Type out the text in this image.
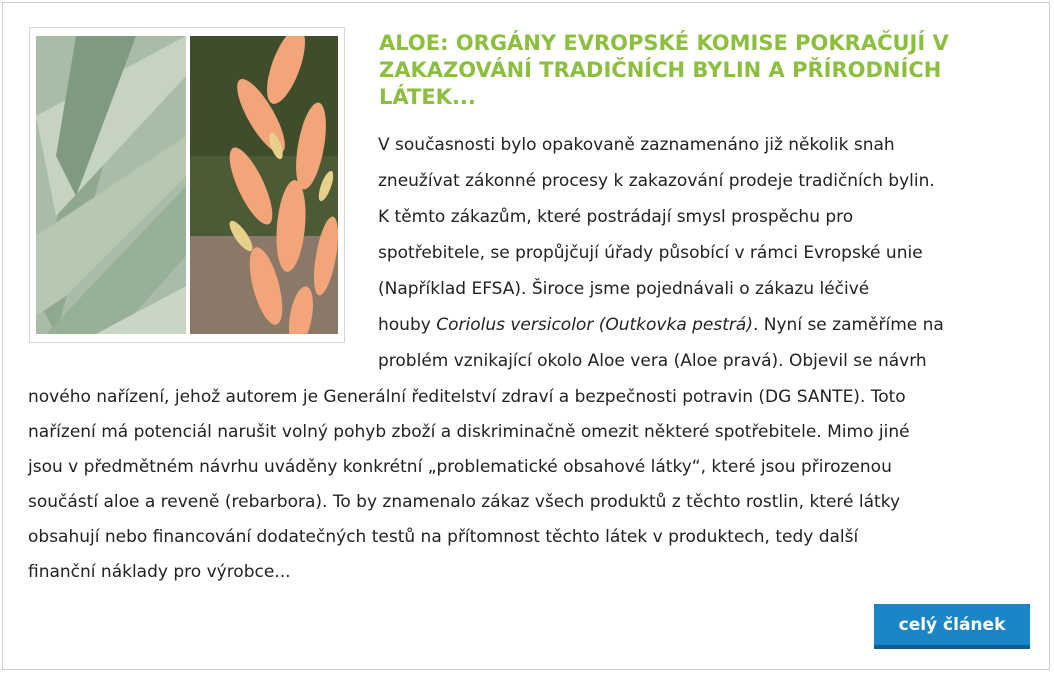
ALOE: ORGÁNY EVROPSKÉ KOMISE POKRAČUJÍ V ZAKAZOVÁNÍ TRADIČNÍCH BYLIN A PŘÍRODNÍCH LÁTEK...
V současnosti bylo opakovaně zaznamenáno již několik snah
zneužívat zákonné procesy k zakazování prodeje tradičních bylin.
K těmto zákazům, které postrádají smysl prospěchu pro
spotřebitele, se propůjčují úřady působící v rámci Evropské unie
(Například EFSA). Široce jsme pojednávali o zákazu léčivé
houby Coriolus versicolor (Outkovka pestrá). Nyní se zaměříme na
problém vznikající okolo Aloe vera (Aloe pravá). Objevil se návrh
nového nařízení, jehož autorem je Generální ředitelství zdraví a bezpečnosti potravin (DG SANTE). Toto
nařízení má potenciál narušit volný pohyb zboží a diskriminačně omezit některé spotřebitele. Mimo jiné
jsou v předmětném návrhu uváděny konkrétní „problematické obsahové látky“, které jsou přirozenou
součástí aloe a reveně (rebarbora). To by znamenalo zákaz všech produktů z těchto rostlin, které látky
obsahují nebo financování dodatečných testů na přítomnost těchto látek v produktech, tedy další
finanční náklady pro výrobce...
celý článek
